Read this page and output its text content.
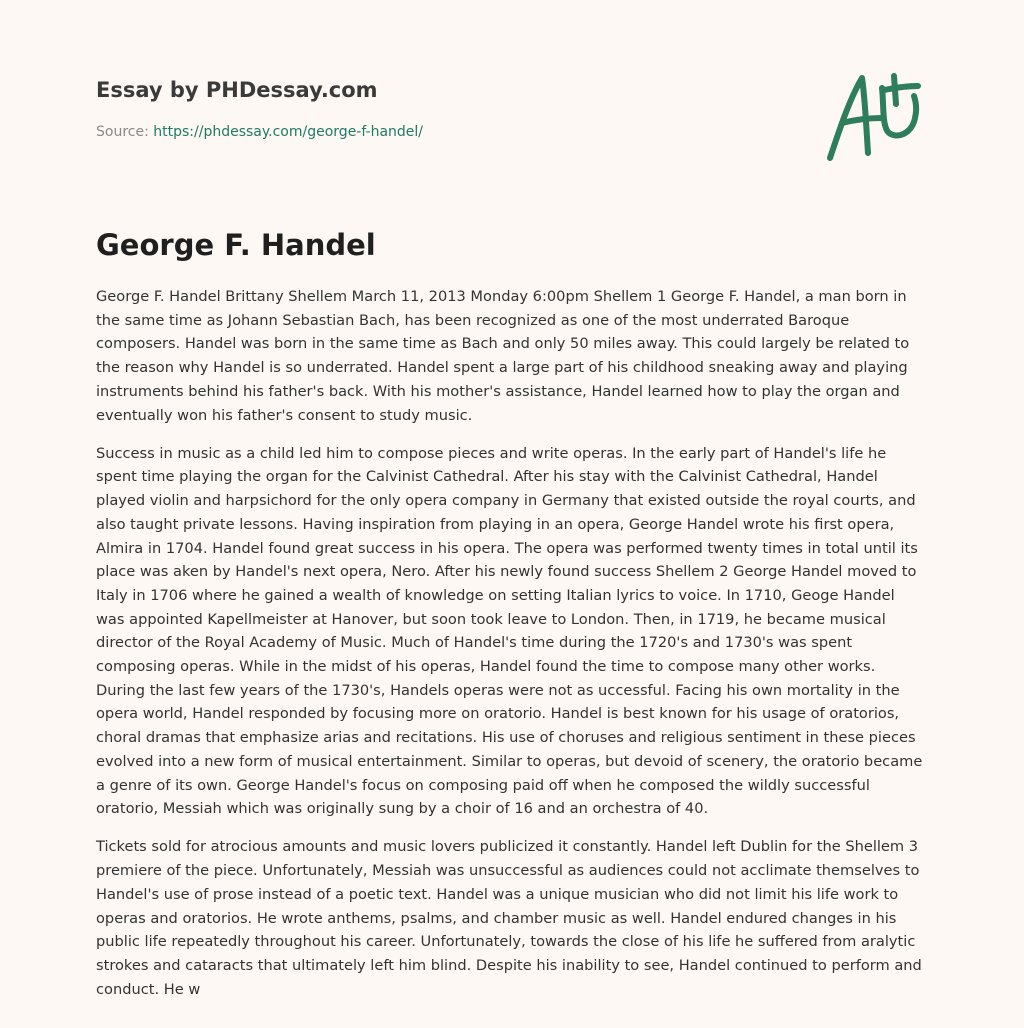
Essay by PHDessay.com
Source: https://phdessay.com/george-f-handel/
George F. Handel

George F. Handel Brittany Shellem March 11, 2013 Monday 6:00pm Shellem 1 George F. Handel, a man born in the same time as Johann Sebastian Bach, has been recognized as one of the most underrated Baroque composers. Handel was born in the same time as Bach and only 50 miles away. This could largely be related to the reason why Handel is so underrated. Handel spent a large part of his childhood sneaking away and playing instruments behind his father's back. With his mother's assistance, Handel learned how to play the organ and eventually won his father's consent to study music.

Success in music as a child led him to compose pieces and write operas. In the early part of Handel's life he spent time playing the organ for the Calvinist Cathedral. After his stay with the Calvinist Cathedral, Handel played violin and harpsichord for the only opera company in Germany that existed outside the royal courts, and also taught private lessons. Having inspiration from playing in an opera, George Handel wrote his first opera, Almira in 1704. Handel found great success in his opera. The opera was performed twenty times in total until its place was aken by Handel's next opera, Nero. After his newly found success Shellem 2 George Handel moved to Italy in 1706 where he gained a wealth of knowledge on setting Italian lyrics to voice. In 1710, Geoge Handel was appointed Kapellmeister at Hanover, but soon took leave to London. Then, in 1719, he became musical director of the Royal Academy of Music. Much of Handel's time during the 1720's and 1730's was spent composing operas. While in the midst of his operas, Handel found the time to compose many other works. During the last few years of the 1730's, Handels operas were not as uccessful. Facing his own mortality in the opera world, Handel responded by focusing more on oratorio. Handel is best known for his usage of oratorios, choral dramas that emphasize arias and recitations. His use of choruses and religious sentiment in these pieces evolved into a new form of musical entertainment. Similar to operas, but devoid of scenery, the oratorio became a genre of its own. George Handel's focus on composing paid off when he composed the wildly successful oratorio, Messiah which was originally sung by a choir of 16 and an orchestra of 40.

Tickets sold for atrocious amounts and music lovers publicized it constantly. Handel left Dublin for the Shellem 3 premiere of the piece. Unfortunately, Messiah was unsuccessful as audiences could not acclimate themselves to Handel's use of prose instead of a poetic text. Handel was a unique musician who did not limit his life work to operas and oratorios. He wrote anthems, psalms, and chamber music as well. Handel endured changes in his public life repeatedly throughout his career. Unfortunately, towards the close of his life he suffered from aralytic strokes and cataracts that ultimately left him blind. Despite his inability to see, Handel continued to perform and conduct. He w
